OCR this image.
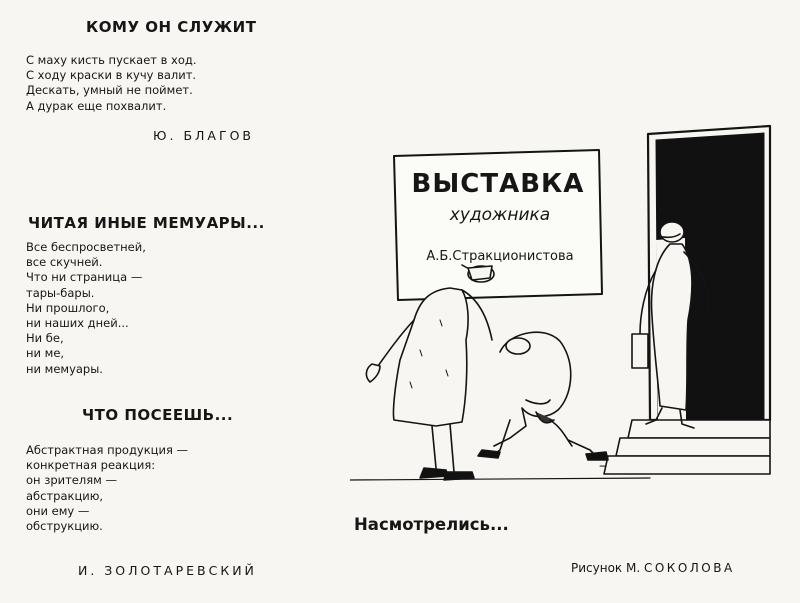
КОМУ ОН СЛУЖИТ
С маху кисть пускает в ход.
С ходу краски в кучу валит.
Дескать, умный не поймет.
А дурак еще похвалит.
Ю. БЛАГОВ
ЧИТАЯ ИНЫЕ МЕМУАРЫ...
Все беспросветней,
все скучней.
Что ни страница —
тары-бары.
Ни прошлого,
ни наших дней...
Ни бе,
ни ме,
ни мемуары.
ЧТО ПОСЕЕШЬ...
Абстрактная продукция —
конкретная реакция:
он зрителям —
абстракцию,
они ему —
обструкцию.
И. ЗОЛОТАРЕВСКИЙ
ВЫСТАВКА
художника
А.Б.Стракционистова
Насмотрелись...
Рисунок М. СОКОЛОВА
